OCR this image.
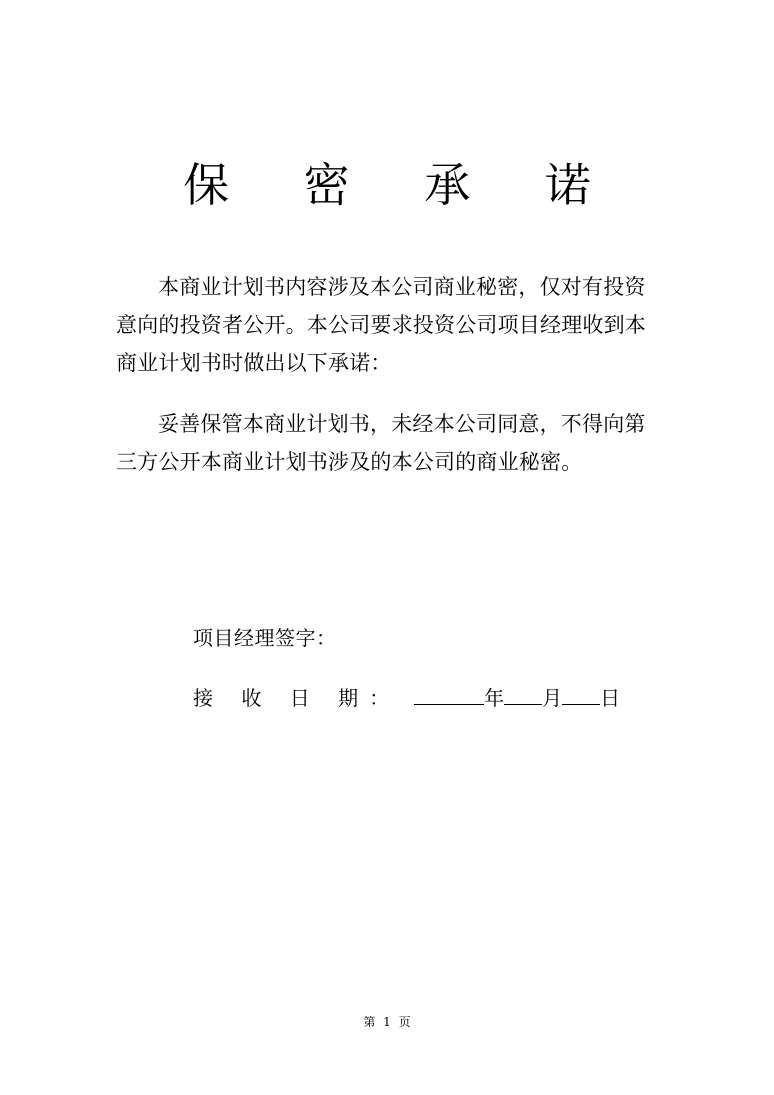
保 密 承 诺

本商业计划书内容涉及本公司商业秘密，仅对有投资意向的投资者公开。本公司要求投资公司项目经理收到本商业计划书时做出以下承诺：

妥善保管本商业计划书，未经本公司同意，不得向第三方公开本商业计划书涉及的本公司的商业秘密。

项目经理签字：
接 收 日 期：	年 月 日
第 1 页
